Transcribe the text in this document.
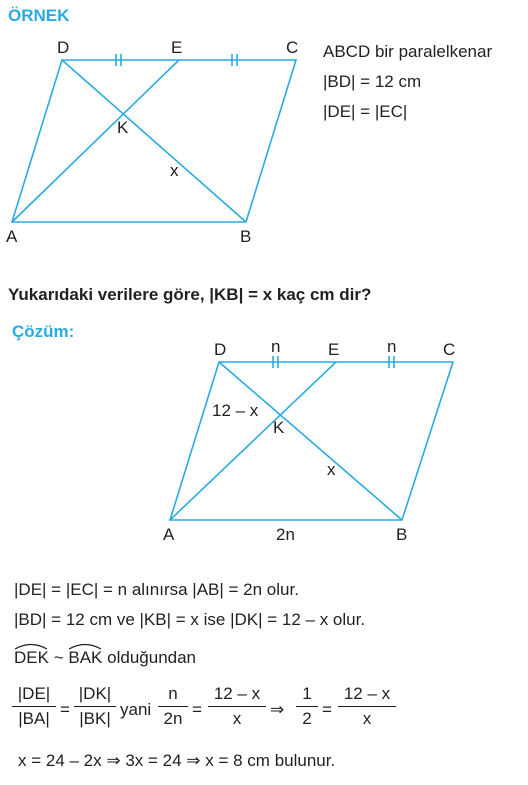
ÖRNEK
D	E	C
A	B
K
x
ABCD bir paralelkenar
|BD| = 12 cm
|DE| = |EC|
Yukarıdaki verilere göre, |KB| = x kaç cm dir?
Çözüm:
D	n	E	n	C
12 – x
K
x
A	2n	B
|DE| = |EC| = n alınırsa |AB| = 2n olur.
|BD| = 12 cm ve |KB| = x ise |DK| = 12 – x olur.
DEK ~ BAK olduğundan
|DE|
|BA| =
|DK|
|BK| yani
n
2n =
12 – x
x	⇒
1
2 =
12 – x
x
x = 24 – 2x ⇒ 3x = 24 ⇒ x = 8 cm bulunur.
